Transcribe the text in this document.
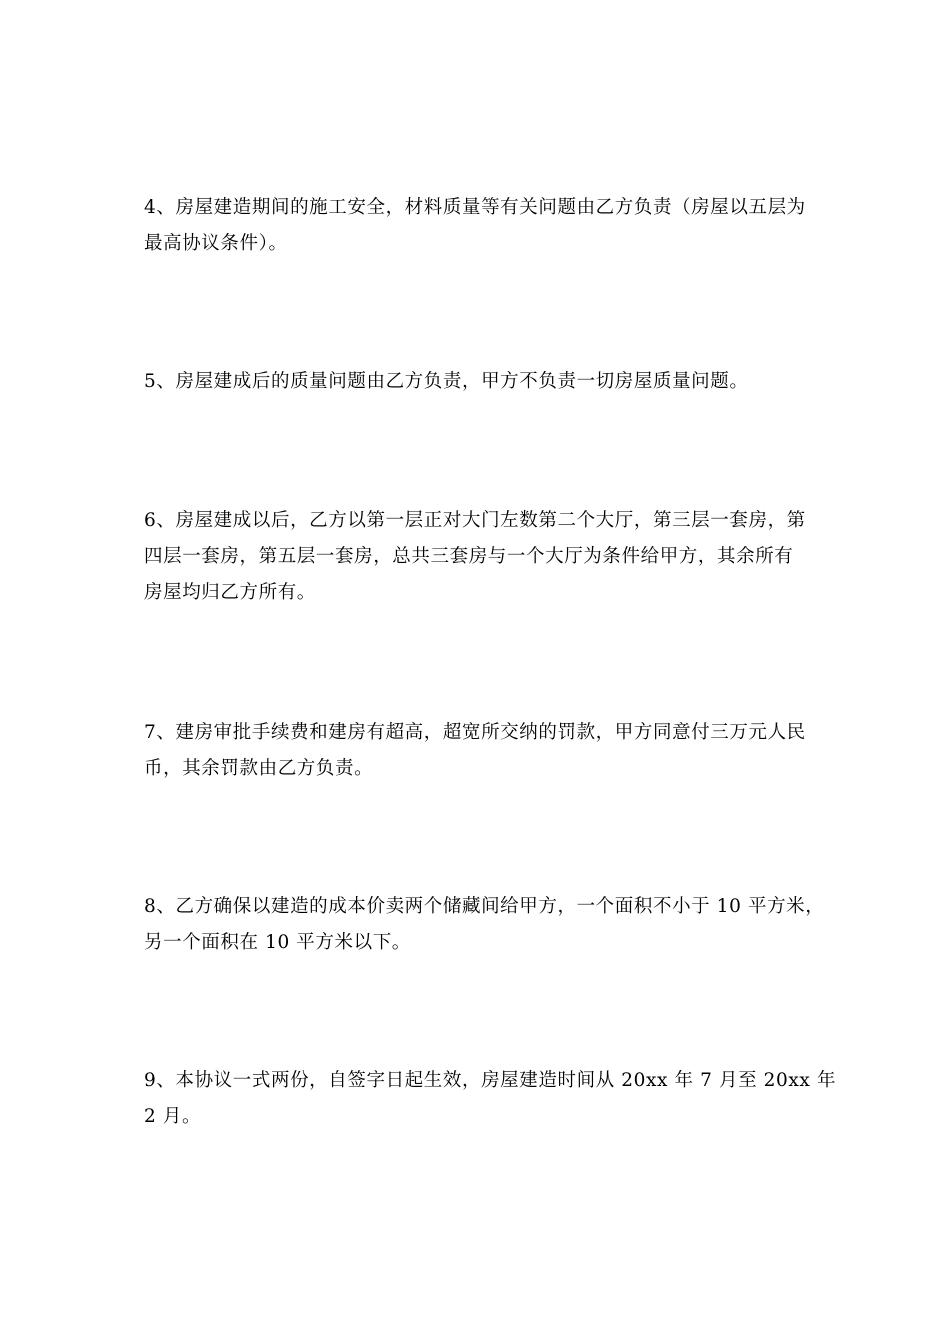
4、房屋建造期间的施工安全，材料质量等有关问题由乙方负责（房屋以五层为
最高协议条件）。
5、房屋建成后的质量问题由乙方负责，甲方不负责一切房屋质量问题。
6、房屋建成以后，乙方以第一层正对大门左数第二个大厅，第三层一套房，第
四层一套房，第五层一套房，总共三套房与一个大厅为条件给甲方，其余所有
房屋均归乙方所有。
7、建房审批手续费和建房有超高，超宽所交纳的罚款，甲方同意付三万元人民
币，其余罚款由乙方负责。
8、乙方确保以建造的成本价卖两个储藏间给甲方，一个面积不小于 10 平方米，
另一个面积在 10 平方米以下。
9、本协议一式两份，自签字日起生效，房屋建造时间从 20xx 年 7 月至 20xx 年
2 月。
